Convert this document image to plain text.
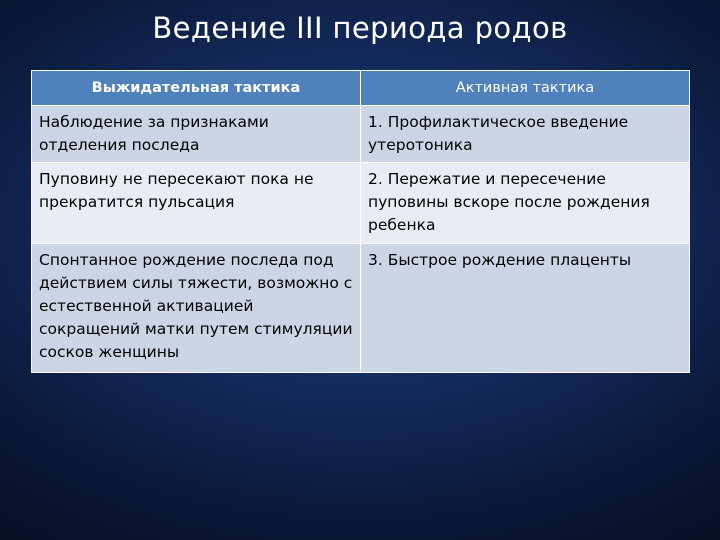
Ведение III периода родов
Выжидательная тактика	Активная тактика
Наблюдение за признаками отделения последа	1. Профилактическое введение утеротоника
Пуповину не пересекают пока не прекратится пульсация	2. Пережатие и пересечение пуповины вскоре после рождения ребенка
Спонтанное рождение последа под действием силы тяжести, возможно с естественной активацией сокращений матки путем стимуляции сосков женщины	3. Быстрое рождение плаценты
